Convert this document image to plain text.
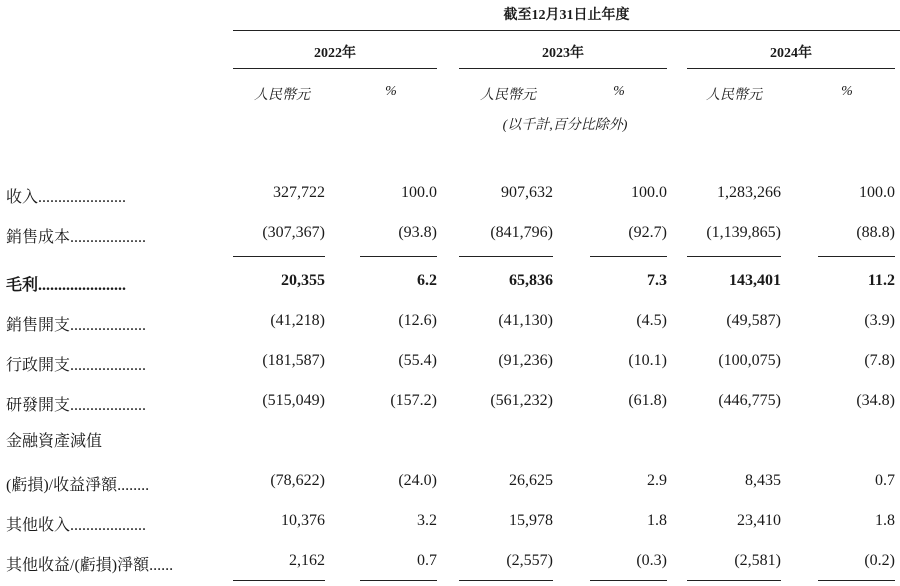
截至12月31日止年度
2022年	2023年	2024年
人民幣元	%	人民幣元	%	人民幣元	%
(以千計,百分比除外)
收入......................	327,722	100.0	907,632	100.0	1,283,266	100.0
銷售成本...................	(307,367)	(93.8)	(841,796)	(92.7)	(1,139,865)	(88.8)
毛利......................	20,355	6.2	65,836	7.3	143,401	11.2
銷售開支...................	(41,218)	(12.6)	(41,130)	(4.5)	(49,587)	(3.9)
行政開支...................	(181,587)	(55.4)	(91,236)	(10.1)	(100,075)	(7.8)
研發開支...................	(515,049)	(157.2)	(561,232)	(61.8)	(446,775)	(34.8)
金融資產減值
(虧損)/收益淨額........	(78,622)	(24.0)	26,625	2.9	8,435	0.7
其他收入...................	10,376	3.2	15,978	1.8	23,410	1.8
其他收益/(虧損)淨額......	2,162	0.7	(2,557)	(0.3)	(2,581)	(0.2)
